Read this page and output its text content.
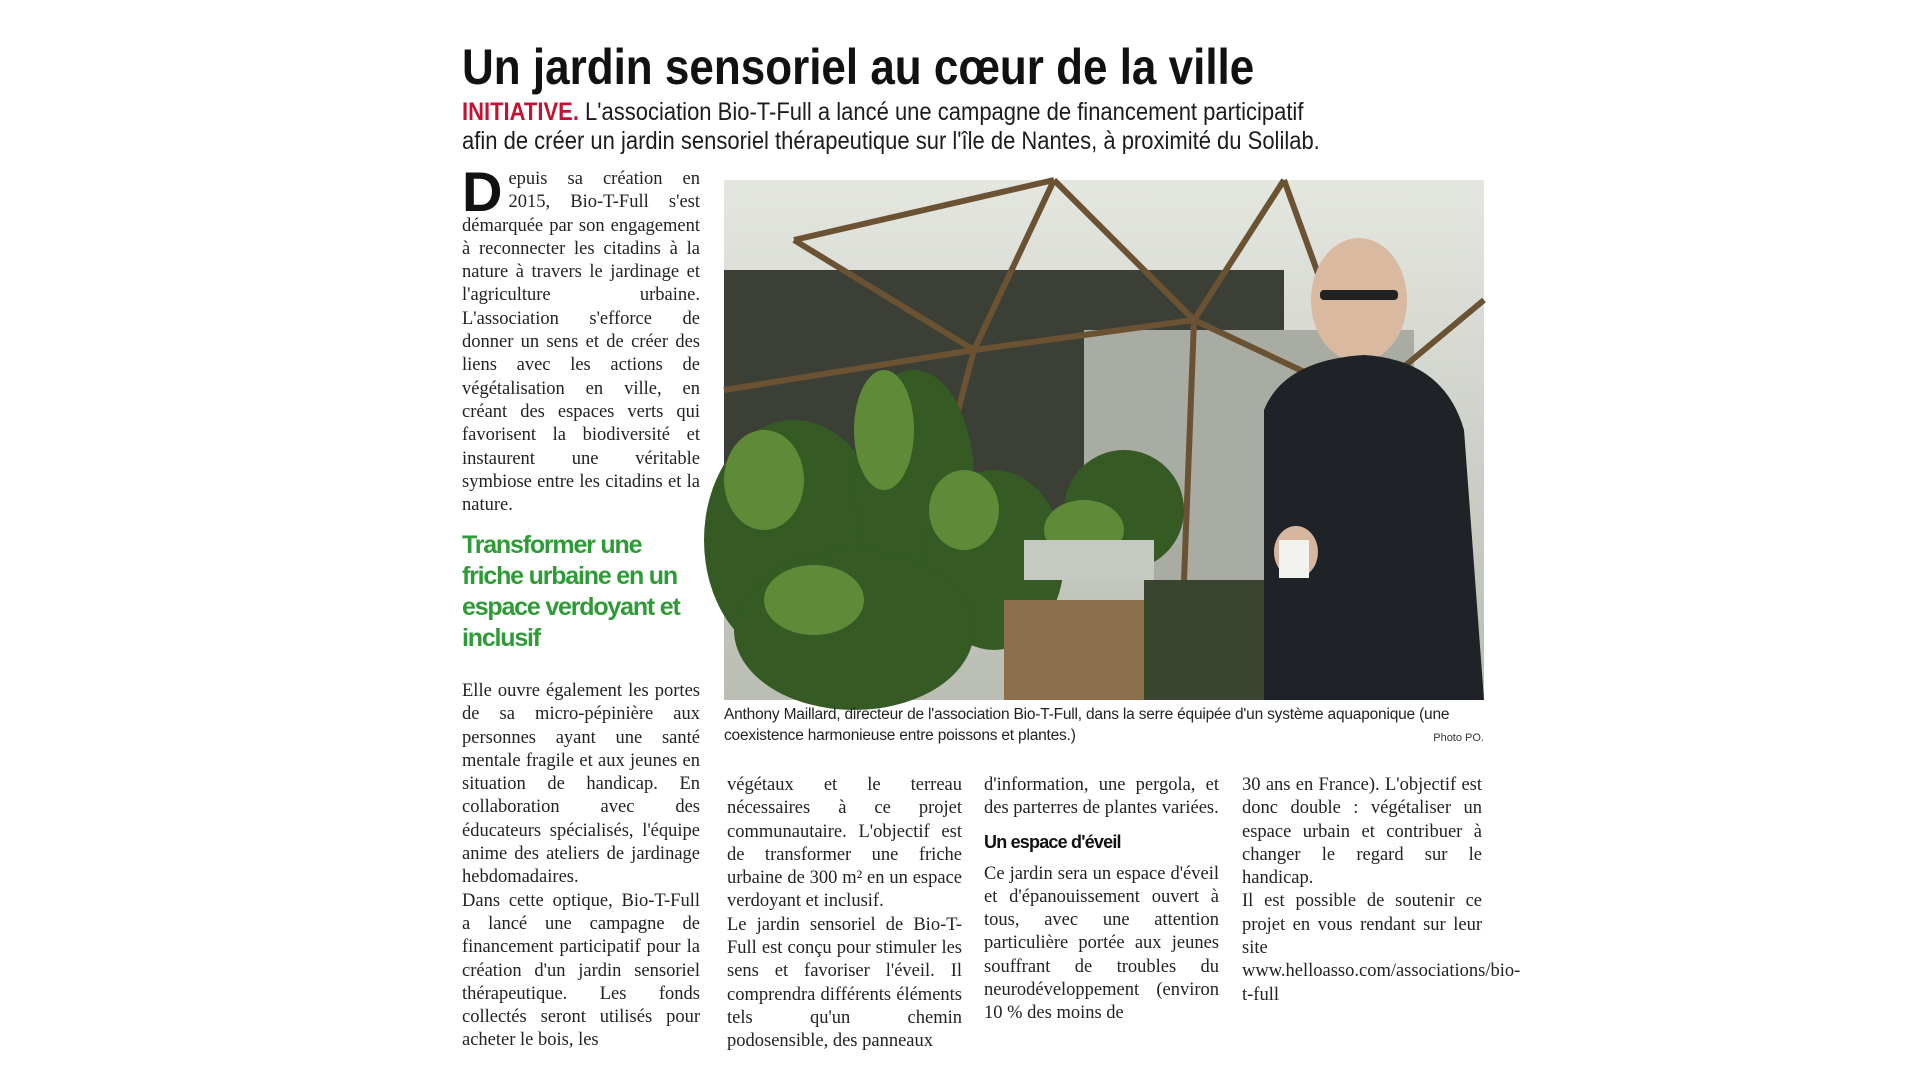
Un jardin sensoriel au cœur de la ville
INITIATIVE. L'association Bio-T-Full a lancé une campagne de financement participatif afin de créer un jardin sensoriel thérapeutique sur l'île de Nantes, à proximité du Solilab.

Depuis sa création en 2015, Bio-T-Full s'est démarquée par son engagement à reconnecter les citadins à la nature à travers le jardinage et l'agriculture urbaine. L'association s'efforce de donner un sens et de créer des liens avec les actions de végétalisation en ville, en créant des espaces verts qui favorisent la biodiversité et instaurent une véritable symbiose entre les citadins et la nature.

Transformer une friche urbaine en un espace verdoyant et inclusif

Elle ouvre également les portes de sa micro-pépinière aux personnes ayant une santé mentale fragile et aux jeunes en situation de handicap. En collaboration avec des éducateurs spécialisés, l'équipe anime des ateliers de jardinage hebdomadaires.

Dans cette optique, Bio-T-Full a lancé une campagne de financement participatif pour la création d'un jardin sensoriel thérapeutique. Les fonds collectés seront utilisés pour acheter le bois, les

Anthony Maillard, directeur de l'association Bio-T-Full, dans la serre équipée d'un système aquaponique (une coexistence harmonieuse entre poissons et plantes.)	Photo PO.

végétaux et le terreau nécessaires à ce projet communautaire. L'objectif est de transformer une friche urbaine de 300 m² en un espace verdoyant et inclusif.

Le jardin sensoriel de Bio-T-Full est conçu pour stimuler les sens et favoriser l'éveil. Il comprendra différents éléments tels qu'un chemin podosensible, des panneaux

d'information, une pergola, et des parterres de plantes variées.

Un espace d'éveil

Ce jardin sera un espace d'éveil et d'épanouissement ouvert à tous, avec une attention particulière portée aux jeunes souffrant de troubles du neurodéveloppement (environ 10 % des moins de

30 ans en France). L'objectif est donc double : végétaliser un espace urbain et contribuer à changer le regard sur le handicap.

Il est possible de soutenir ce projet en vous rendant sur leur site www.helloasso.com/associations/bio-t-full
